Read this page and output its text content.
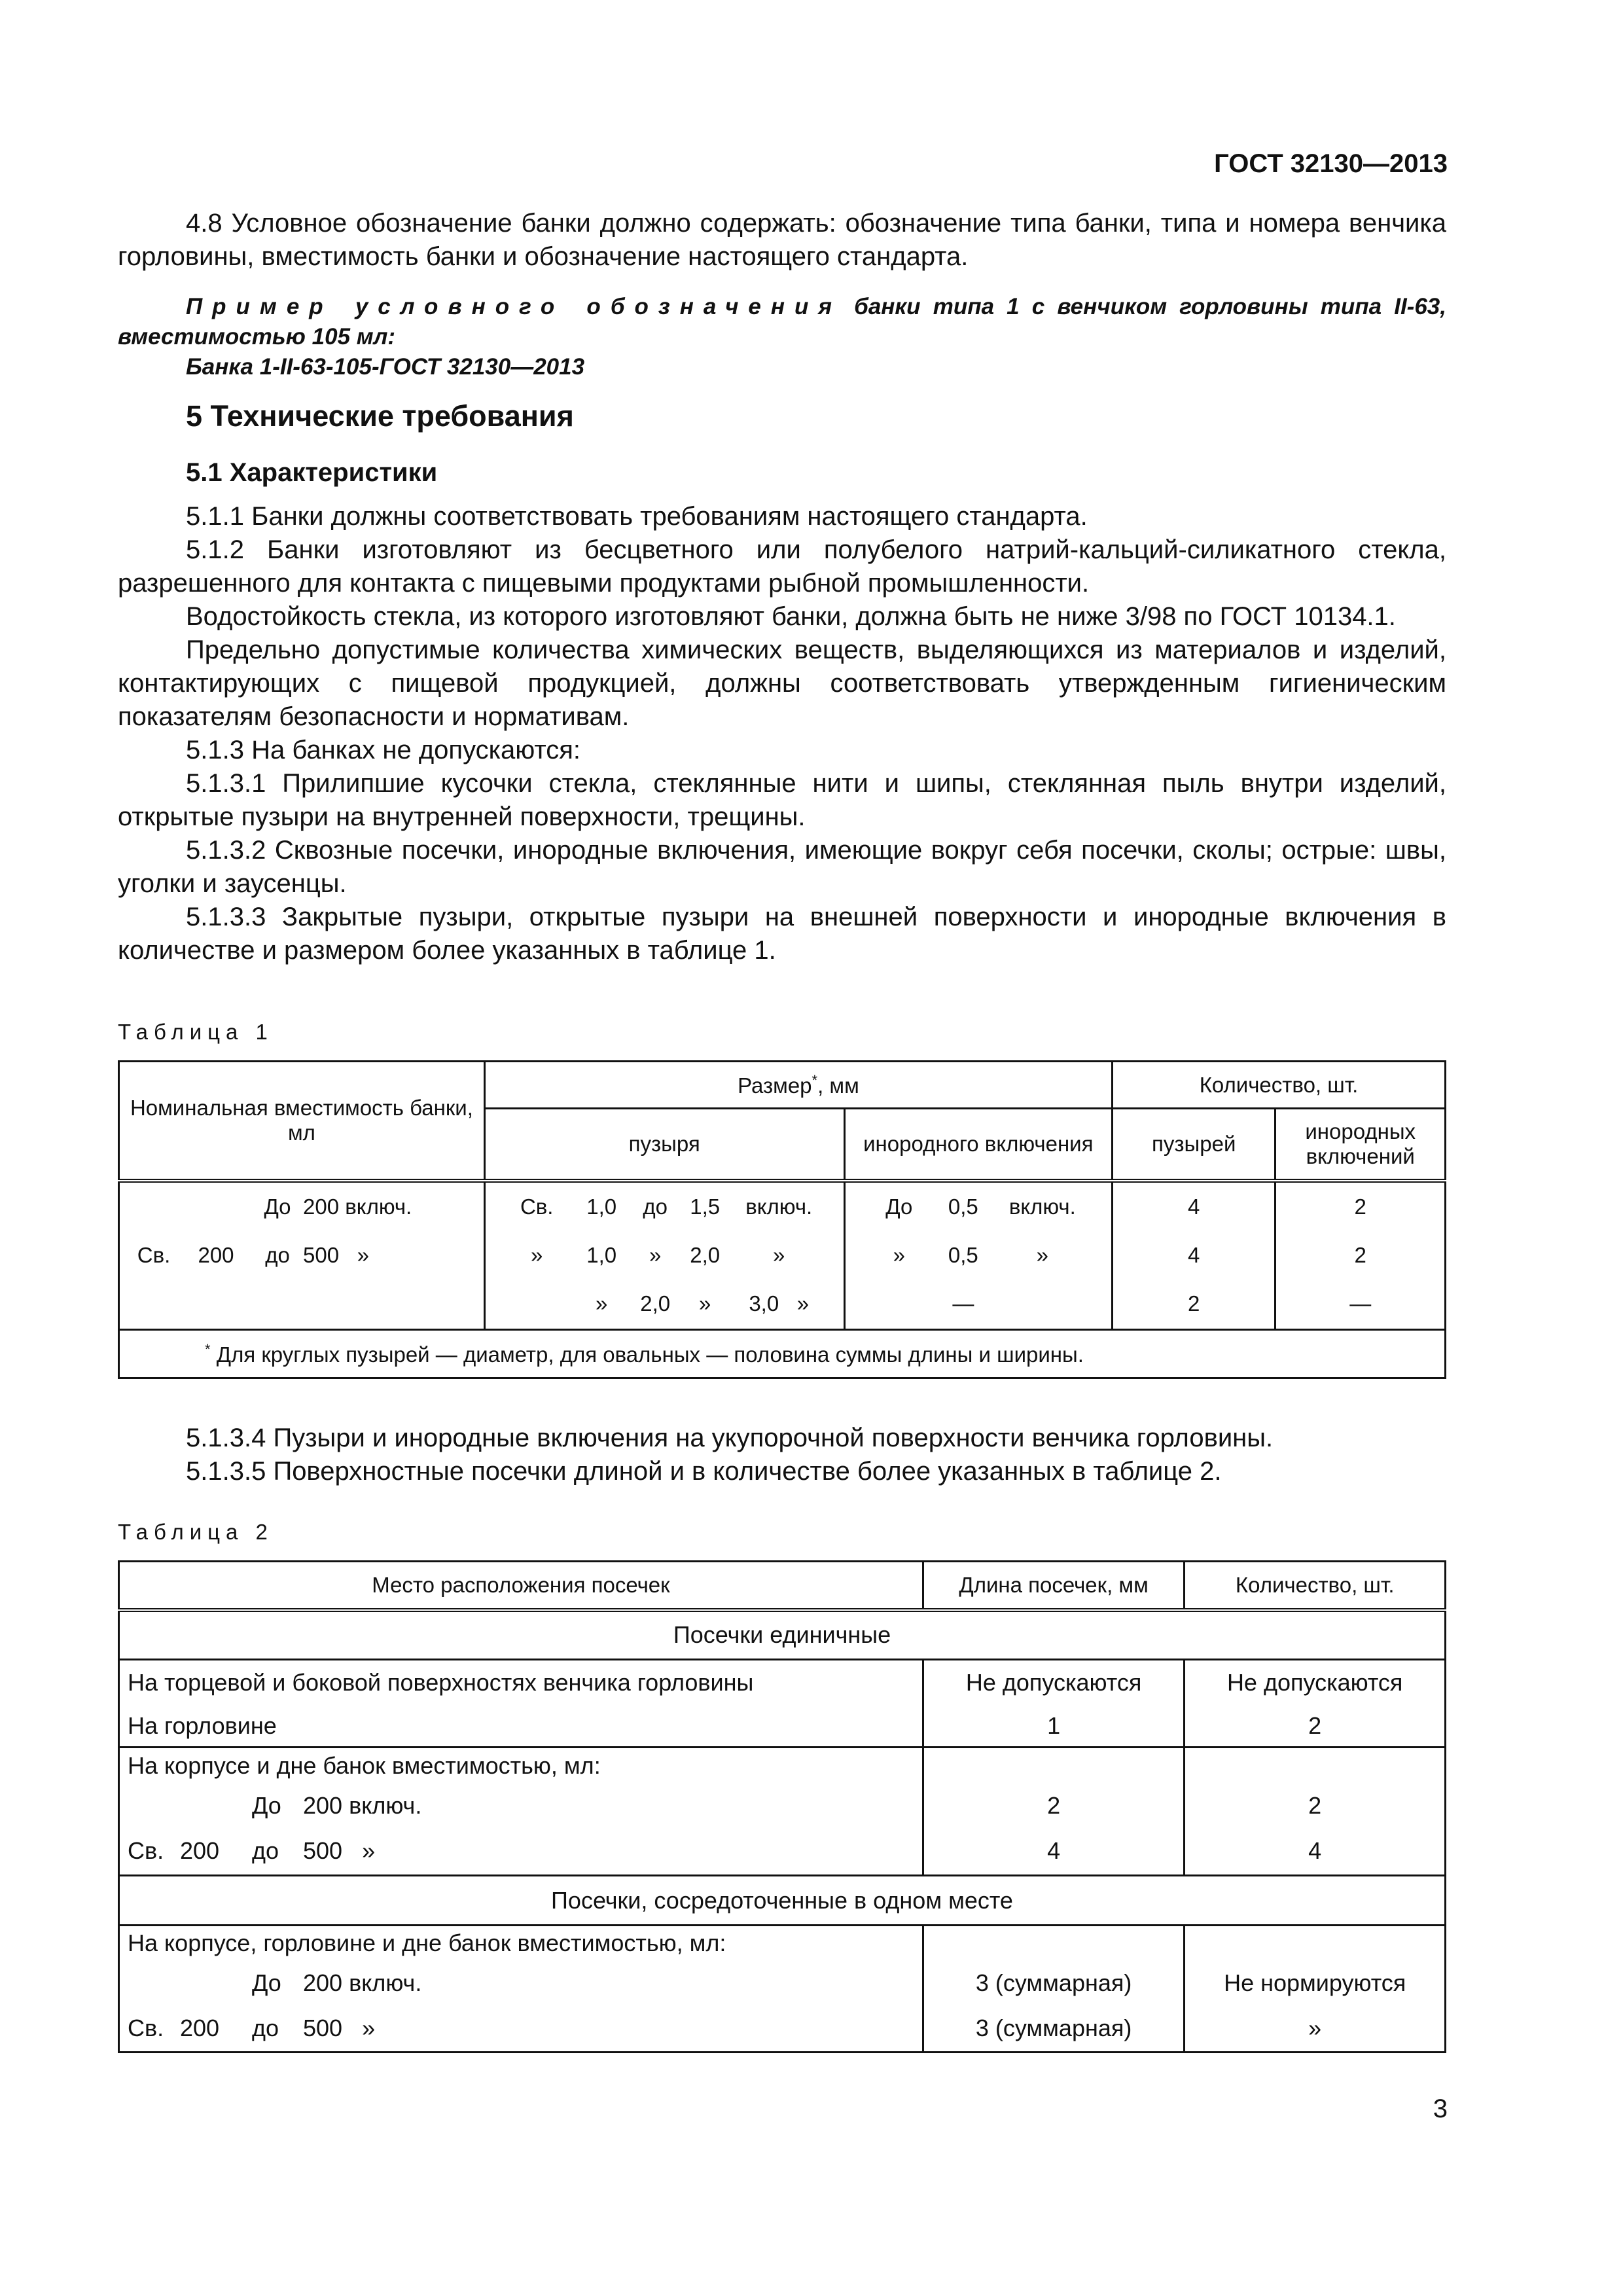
ГОСТ 32130—2013

4.8 Условное обозначение банки должно содержать: обозначение типа банки, типа и номера венчика горловины, вместимость банки и обозначение настоящего стандарта.

Пример условного обозначения банки типа 1 с венчиком горловины типа II-63, вместимостью 105 мл:

Банка 1-II-63-105-ГОСТ 32130—2013

5 Технические требования
5.1 Характеристики

5.1.1 Банки должны соответствовать требованиям настоящего стандарта.

5.1.2 Банки изготовляют из бесцветного или полубелого натрий-кальций-силикатного стекла, разрешенного для контакта с пищевыми продуктами рыбной промышленности.

Водостойкость стекла, из которого изготовляют банки, должна быть не ниже 3/98 по ГОСТ 10134.1.

Предельно допустимые количества химических веществ, выделяющихся из материалов и изделий, контактирующих с пищевой продукцией, должны соответствовать утвержденным гигиеническим показателям безопасности и нормативам.

5.1.3 На банках не допускаются:

5.1.3.1 Прилипшие кусочки стекла, стеклянные нити и шипы, стеклянная пыль внутри изделий, открытые пузыри на внутренней поверхности, трещины.

5.1.3.2 Сквозные посечки, инородные включения, имеющие вокруг себя посечки, сколы; острые: швы, уголки и заусенцы.

5.1.3.3 Закрытые пузыри, открытые пузыри на внешней поверхности и инородные включения в количестве и размером более указанных в таблице 1.

Таблица 1
Номинальная вместимость банки, мл	Размер*, мм		Количество, шт.	
	пузыря	инородного включения	пузырей	инородных включений

До 200 включ.	Св. 1,0 до 1,5 включ.	До 0,5 включ.	4	2

Св. 200 до 500   »	» 1,0 » 2,0 »	» 0,5 »	4	2

	» 2,0 » 3,0   »	—	2	—
* Для круглых пузырей — диаметр, для овальных — половина суммы длины и ширины.				

5.1.3.4 Пузыри и инородные включения на укупорочной поверхности венчика горловины.

5.1.3.5 Поверхностные посечки длиной и в количестве более указанных в таблице 2.

Таблица 2
Место расположения посечек	Длина посечек, мм	Количество, шт.
Посечки единичные		
На торцевой и боковой поверхностях венчика горловины	Не допускаются	Не допускаются
На горловине	1	2
На корпусе и дне банок вместимостью, мл:		

До 200 включ.	2	2

Св. 200 до 500   »	4	4
Посечки, сосредоточенные в одном месте		
На корпусе, горловине и дне банок вместимостью, мл:		

До 200 включ.	3 (суммарная)	Не нормируются

Св. 200 до 500   »	3 (суммарная)	»
3
